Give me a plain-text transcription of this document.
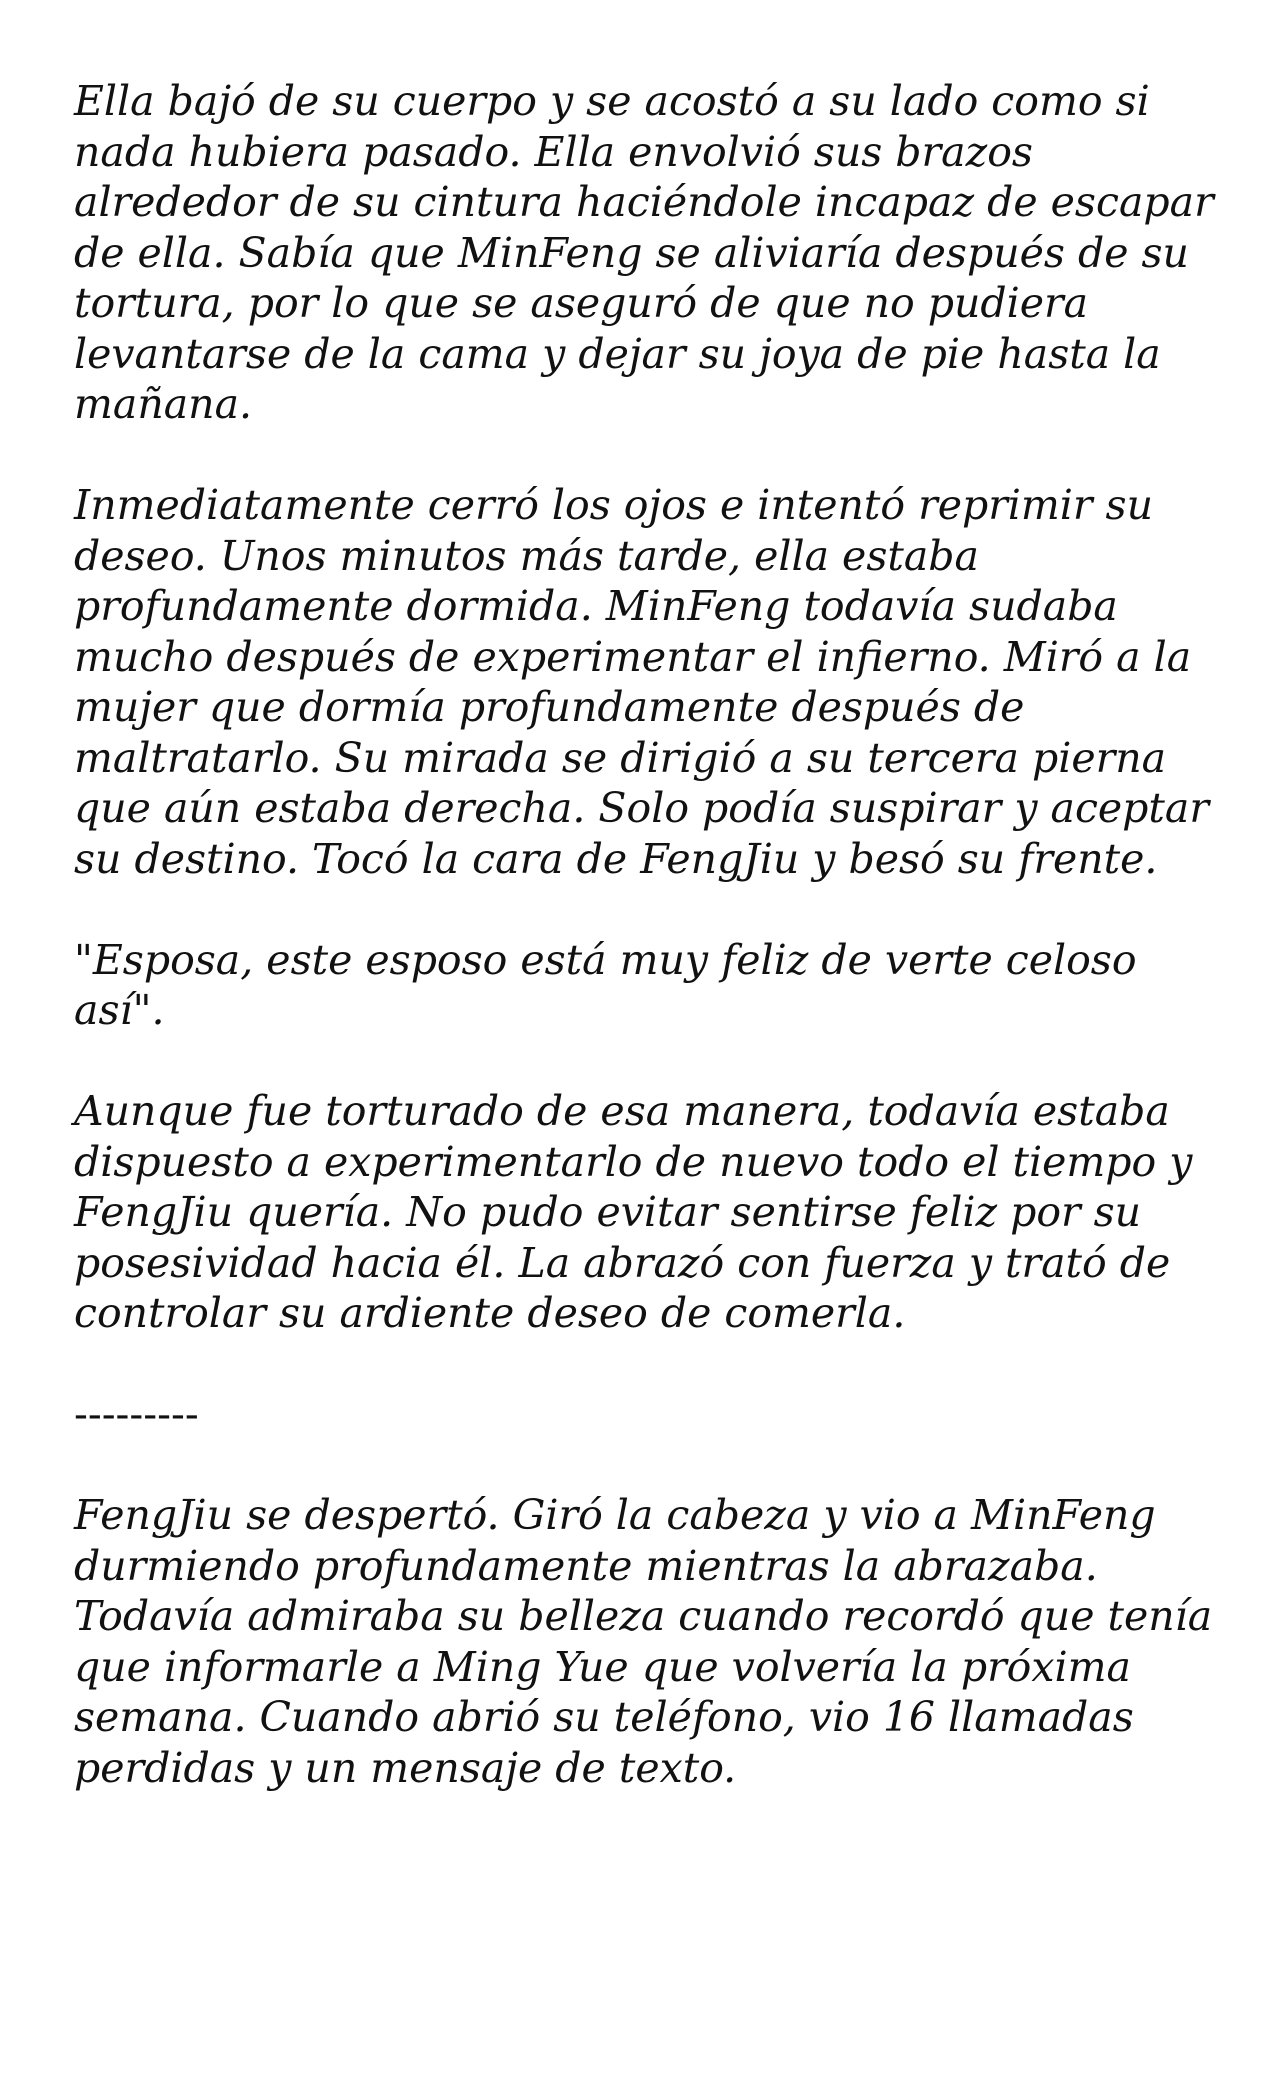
Ella bajó de su cuerpo y se acostó a su lado como si nada hubiera pasado. Ella envolvió sus brazos alrededor de su cintura haciéndole incapaz de escapar de ella. Sabía que MinFeng se aliviaría después de su tortura, por lo que se aseguró de que no pudiera levantarse de la cama y dejar su joya de pie hasta la mañana.

Inmediatamente cerró los ojos e intentó reprimir su deseo. Unos minutos más tarde, ella estaba profundamente dormida. MinFeng todavía sudaba mucho después de experimentar el infierno. Miró a la mujer que dormía profundamente después de maltratarlo. Su mirada se dirigió a su tercera pierna que aún estaba derecha. Solo podía suspirar y aceptar su destino. Tocó la cara de FengJiu y besó su frente.

"Esposa, este esposo está muy feliz de verte celoso así".

Aunque fue torturado de esa manera, todavía estaba dispuesto a experimentarlo de nuevo todo el tiempo y FengJiu quería. No pudo evitar sentirse feliz por su posesividad hacia él. La abrazó con fuerza y trató de controlar su ardiente deseo de comerla.

---------

FengJiu se despertó. Giró la cabeza y vio a MinFeng durmiendo profundamente mientras la abrazaba. Todavía admiraba su belleza cuando recordó que tenía que informarle a Ming Yue que volvería la próxima semana. Cuando abrió su teléfono, vio 16 llamadas perdidas y un mensaje de texto.
